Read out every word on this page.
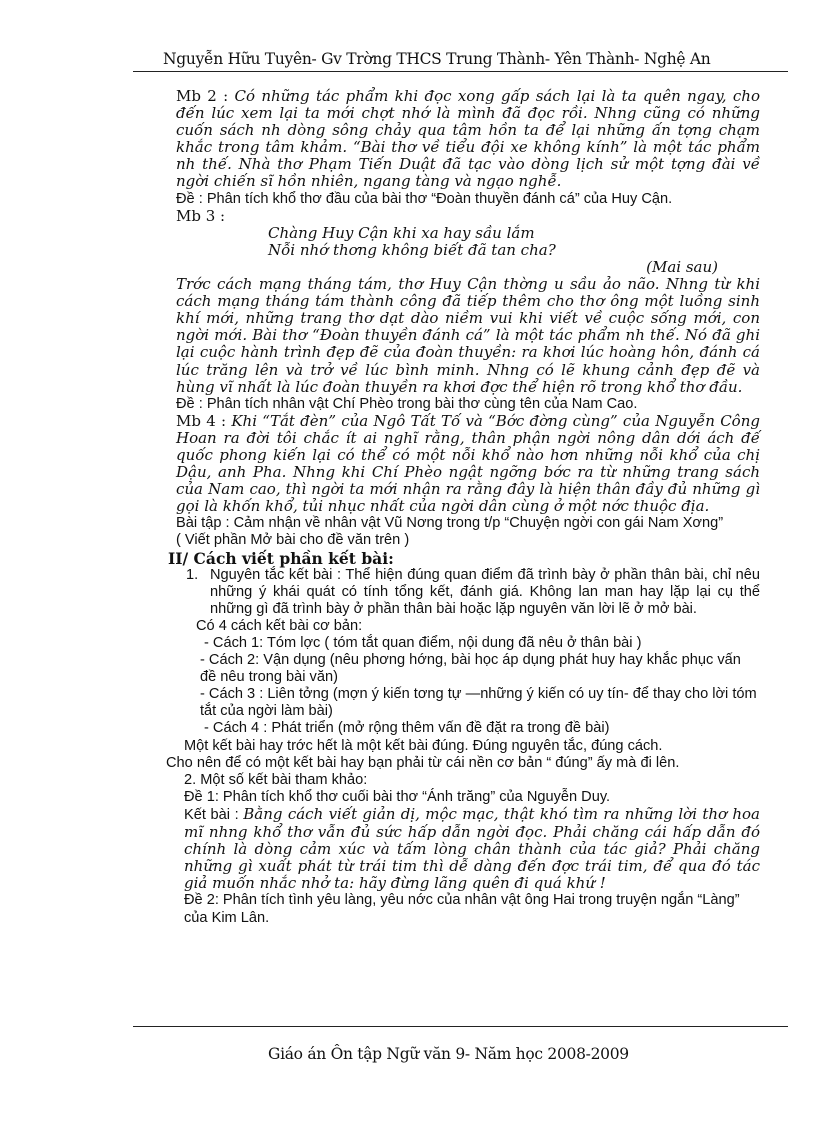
Nguyễn Hữu Tuyên- Gv Trờng THCS Trung Thành- Yên Thành- Nghệ An

Mb 2 : Có những tác phẩm khi đọc xong gấp sách lại là ta quên ngay, cho đến lúc xem lại ta mới chợt nhớ là mình đã đọc rồi. Nhng cũng có những cuốn sách nh dòng sông chảy qua tâm hồn ta để lại những ấn tợng chạm khắc trong tâm khảm. “Bài thơ về tiểu đội xe không kính” là một tác phẩm nh thế. Nhà thơ Phạm Tiến Duật đã tạc vào dòng lịch sử một tợng đài về ngời chiến sĩ hồn nhiên, ngang tàng và ngạo nghễ.

Đề : Phân tích khổ thơ đầu của bài thơ “Đoàn thuyền đánh cá” của Huy Cận.

Mb 3 :

Chàng Huy Cận khi xa hay sầu lắm

Nỗi nhớ thơng không biết đã tan cha?

(Mai sau)

Trớc cách mạng tháng tám, thơ Huy Cận thờng u sầu ảo não. Nhng từ khi cách mạng tháng tám thành công đã tiếp thêm cho thơ ông một luồng sinh khí mới, những trang thơ dạt dào niềm vui khi viết về cuộc sống mới, con ngời mới. Bài thơ “Đoàn thuyền đánh cá” là một tác phẩm nh thế. Nó đã ghi lại cuộc hành trình đẹp đẽ của đoàn thuyền: ra khơi lúc hoàng hôn, đánh cá lúc trăng lên và trở về lúc bình minh. Nhng có lẽ khung cảnh đẹp đẽ và hùng vĩ nhất là lúc đoàn thuyền ra khơi đợc thể hiện rõ trong khổ thơ đầu.

Đề : Phân tích nhân vật Chí Phèo trong bài thơ cùng tên của Nam Cao.

Mb 4 : Khi “Tắt đèn” của Ngô Tất Tố và “Bớc đờng cùng” của Nguyễn Công Hoan ra đời tôi chắc ít ai nghĩ rằng, thân phận ngời nông dân dới ách đế quốc phong kiến lại có thể có một nỗi khổ nào hơn những nỗi khổ của chị Dậu, anh Pha. Nhng khi Chí Phèo ngật ngỡng bớc ra từ những trang sách của Nam cao, thì ngời ta mới nhận ra rằng đây là hiện thân đầy đủ những gì gọi là khốn khổ, tủi nhục nhất của ngời dân cùng ở một nớc thuộc địa.

Bài tập : Cảm nhận về nhân vật Vũ Nơng trong t/p “Chuyện ngời con gái Nam Xơng”

( Viết phần Mở bài cho đề văn trên )

II/ Cách viết phần kết bài:

1. Nguyên tắc kết bài : Thể hiện đúng quan điểm đã trình bày ở phần thân bài, chỉ nêu những ý khái quát có tính tổng kết, đánh giá. Không lan man hay lặp lại cụ thể những gì đã trình bày ở phần thân bài hoặc lặp nguyên văn lời lẽ ở mở bài.

Có 4 cách kết bài cơ bản:

- Cách 1: Tóm lợc ( tóm tắt quan điểm, nội dung đã nêu ở thân bài )

- Cách 2: Vận dụng (nêu phơng hớng, bài học áp dụng phát huy hay khắc phục vấn đề nêu trong bài văn)

- Cách 3 : Liên tởng (mợn ý kiến tơng tự —những ý kiến có uy tín- để thay cho lời tóm tắt của ngời làm bài)

- Cách 4 : Phát triển (mở rộng thêm vấn đề đặt ra trong đề bài)

Một kết bài hay trớc hết là một kết bài đúng. Đúng nguyên tắc, đúng cách.

Cho nên để có một kết bài hay bạn phải từ cái nền cơ bản “ đúng” ấy mà đi lên.

2. Một số kết bài tham khảo:

Đề 1: Phân tích khổ thơ cuối bài thơ “Ánh trăng” của Nguyễn Duy.

Kết bài : Bằng cách viết giản dị, mộc mạc, thật khó tìm ra những lời thơ hoa mĩ nhng khổ thơ vẫn đủ sức hấp dẫn ngời đọc. Phải chăng cái hấp dẫn đó chính là dòng cảm xúc và tấm lòng chân thành của tác giả? Phải chăng những gì xuất phát từ trái tim thì dễ dàng đến đợc trái tim, để qua đó tác giả muốn nhắc nhở ta: hãy đừng lãng quên đi quá khứ !

Đề 2: Phân tích tình yêu làng, yêu nớc của nhân vật ông Hai trong truyện ngắn “Làng” của Kim Lân.

Giáo án Ôn tập Ngữ văn 9- Năm học 2008-2009
